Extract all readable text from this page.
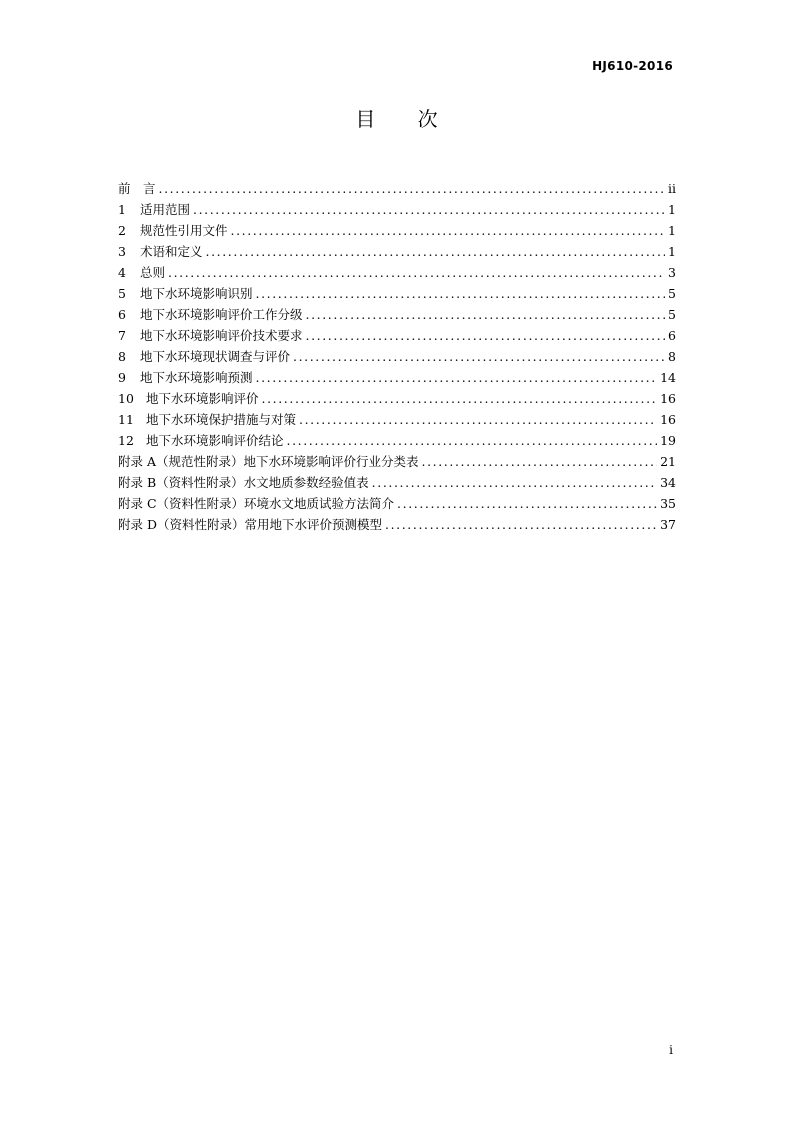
HJ610-2016
目 次
前　言 .....	ii
1	适用范围 .....	1
2	规范性引用文件 .....	1
3	术语和定义 .....	1
4	总则 .....	3
5	地下水环境影响识别 .....	5
6	地下水环境影响评价工作分级 .....	5
7	地下水环境影响评价技术要求 .....	6
8	地下水环境现状调查与评价 .....	8
9	地下水环境影响预测 .....	14
10 地下水环境影响评价 .....	16
11 地下水环境保护措施与对策 .....	16
12 地下水环境影响评价结论 .....	19
附录 A（规范性附录）地下水环境影响评价行业分类表 .....	21
附录 B（资料性附录）水文地质参数经验值表 .....	34
附录 C（资料性附录）环境水文地质试验方法简介 .....	35
附录 D（资料性附录）常用地下水评价预测模型 .....	37
i
